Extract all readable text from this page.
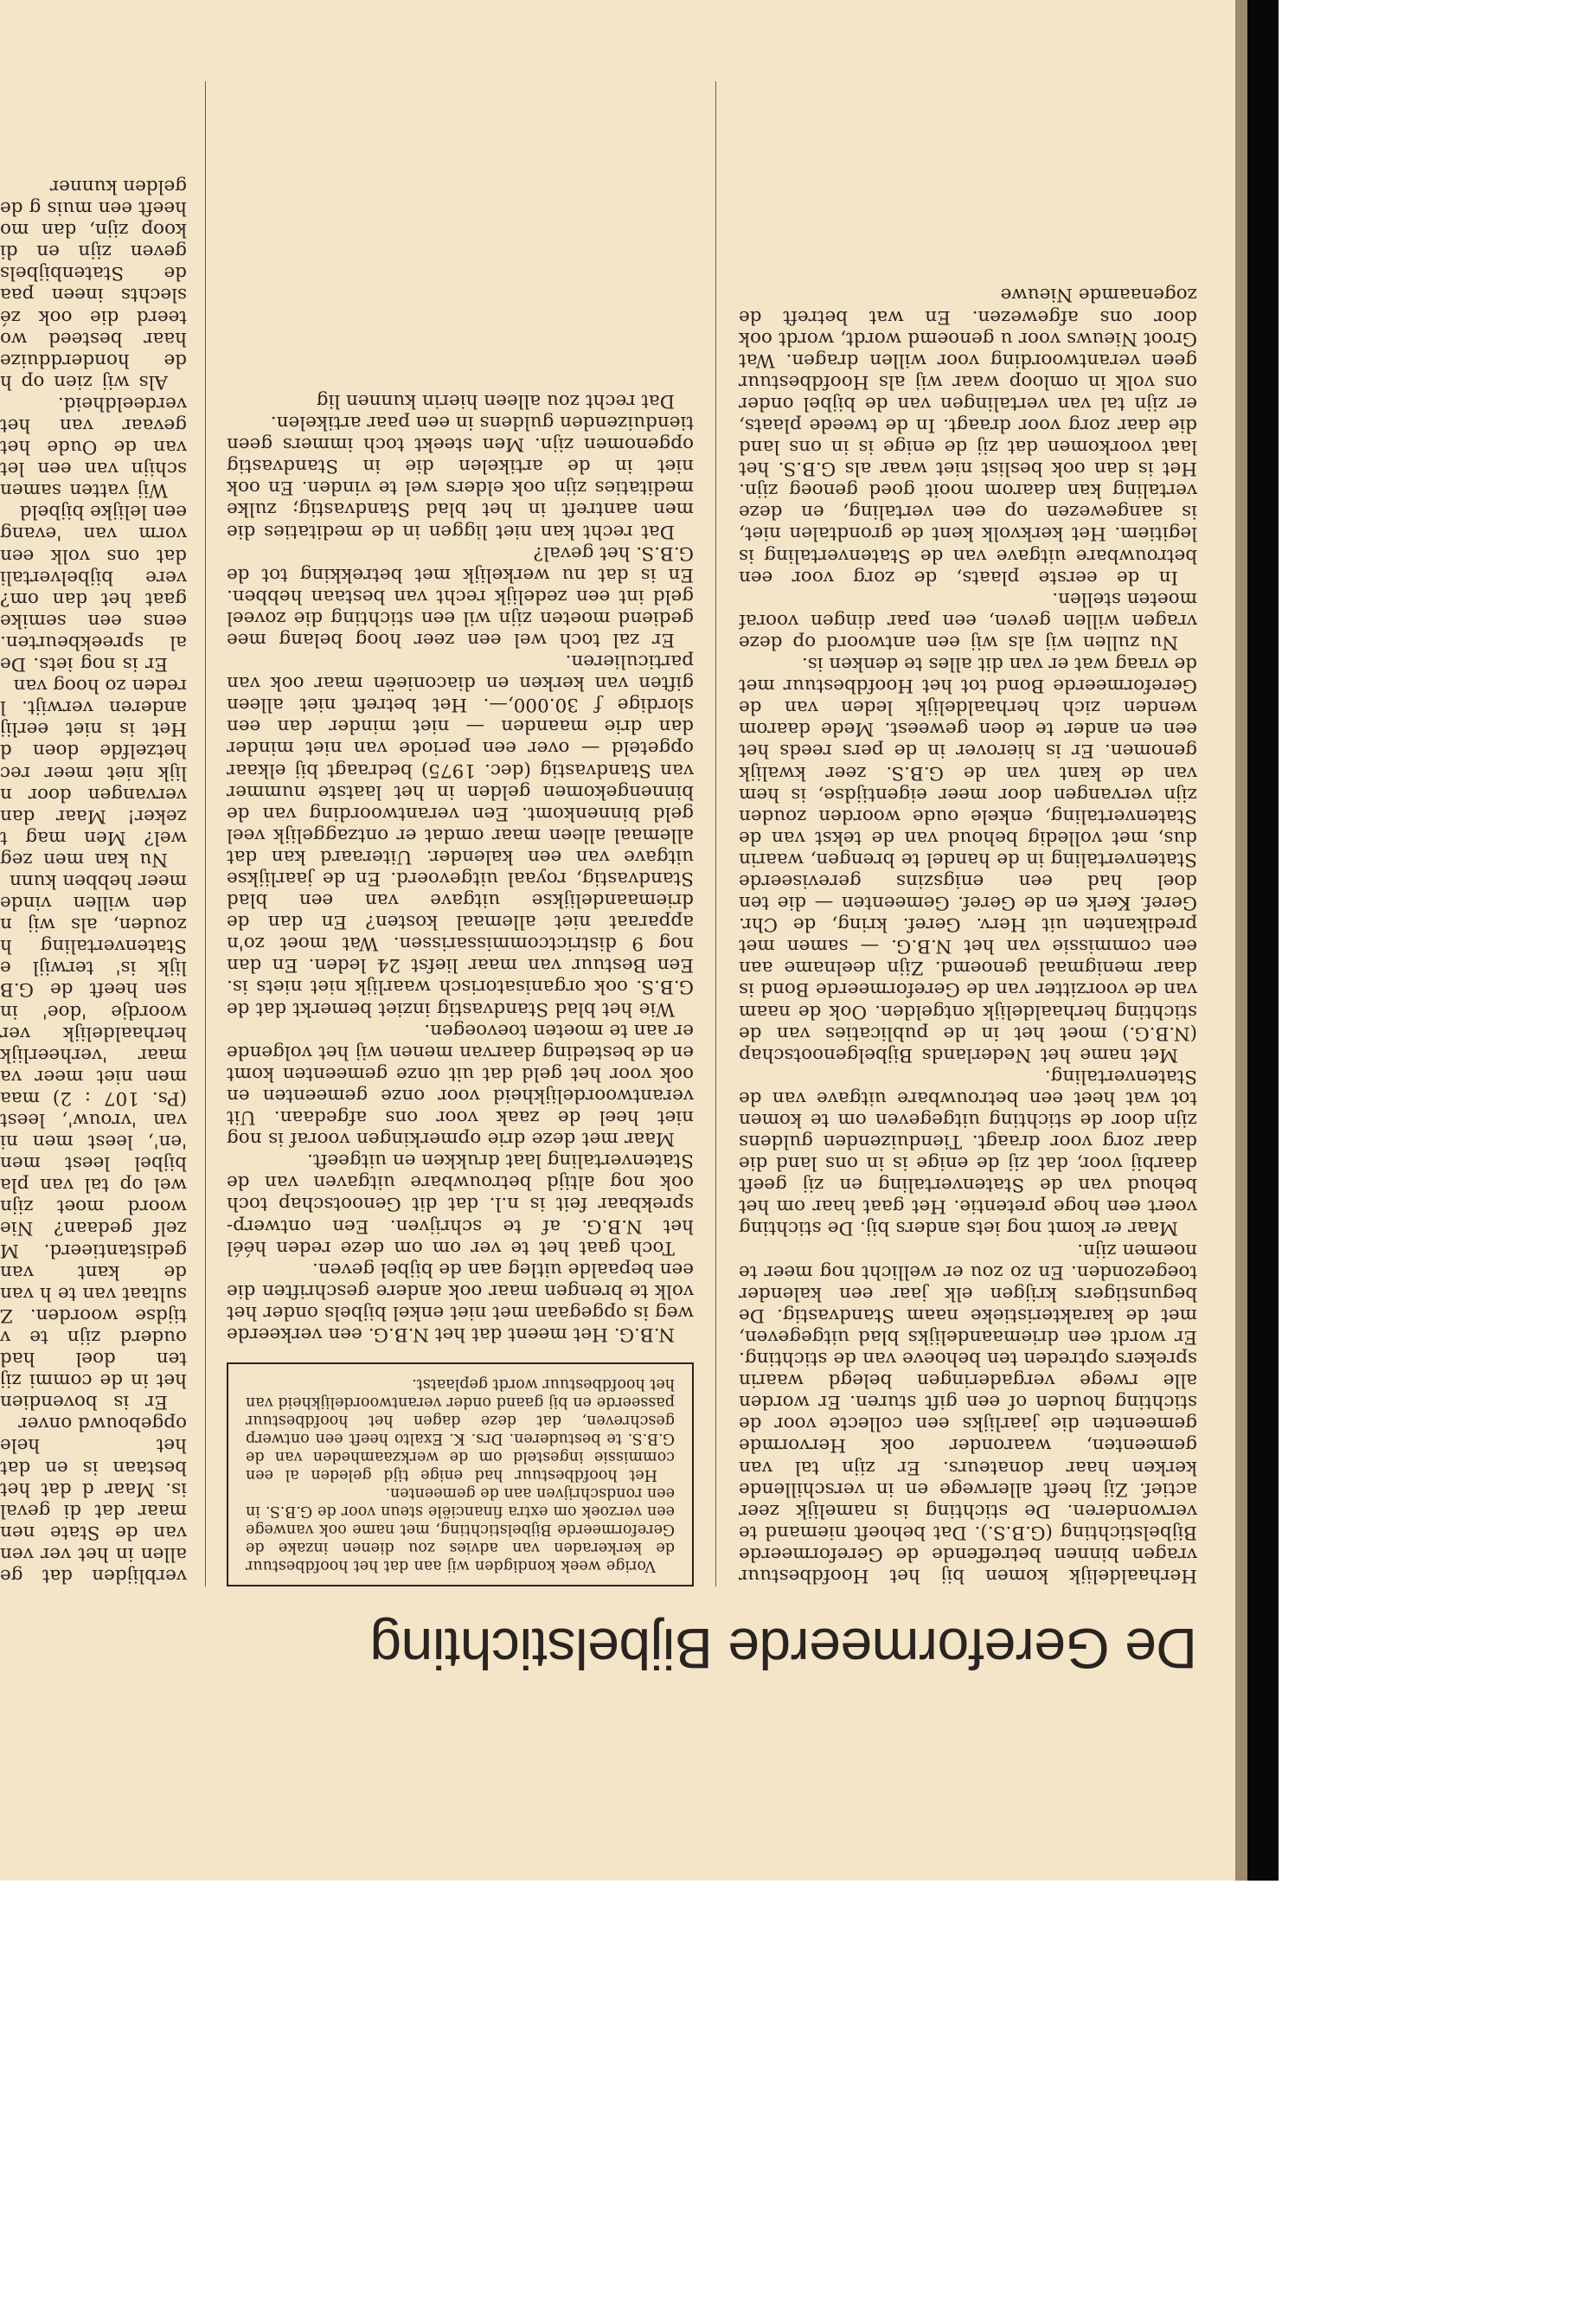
De Gereformeerde Bijbelstichting

Herhaaldelijk komen bij het Hoofdbestuur vragen binnen betreffende de Gereformeerde Bijbelstichting (G.B.S.). Dat behoeft niemand te verwonderen. De stichting is namelijk zeer actief. Zij heeft allerwege en in verschillende kerken haar donateurs. Er zijn tal van gemeenten, waaronder ook Hervormde gemeenten die jaarlijks een collecte voor de stichting houden of een gift sturen. Er worden alle rwege vergaderingen belegd waarin sprekers optreden ten behoeve van de stichting. Er wordt een driemaandelijks blad uitgegeven, met de karakteristieke naam Standvastig. De begunstigers krijgen elk jaar een kalender toegezonden. En zo zou er wellicht nog meer te noemen zijn.

Maar er komt nog iets anders bij. De stichting voert een hoge pretentie. Het gaat haar om het behoud van de Statenvertaling en zij geeft daarbij voor, dat zij de enige is in ons land die daar zorg voor draagt. Tienduizenden guldens zijn door de stichting uitgegeven om te komen tot wat heet een betrouwbare uitgave van de Statenvertaling.

Met name het Nederlands Bijbelgenootschap (N.B.G.) moet het in de publicaties van de stichting herhaaldelijk ontgelden. Ook de naam van de voorzitter van de Gereformeerde Bond is daar menigmaal genoemd. Zijn deelname aan een commissie van het N.B.G. — samen met predikanten uit Herv. Geref. kring, de Chr. Geref. Kerk en de Geref. Gemeenten — die ten doel had een enigszins gereviseerde Statenvertaling in de handel te brengen, waarin dus, met volledig behoud van de tekst van de Statenvertaling, enkele oude woorden zouden zijn vervangen door meer eigentijdse, is hem van de kant van de G.B.S. zeer kwalijk genomen. Er is hierover in de pers reeds het een en ander te doen geweest. Mede daarom wenden zich herhaaldelijk leden van de Gereformeerde Bond tot het Hoofdbestuur met de vraag wat er van dit alles te denken is.

Nu zullen wij als wij een antwoord op deze vragen willen geven, een paar dingen vooraf moeten stellen.

In de eerste plaats, de zorg voor een betrouwbare uitgave van de Statenvertaling is legitiem. Het kerkvolk kent de grondtalen niet, is aangewezen op een vertaling, en deze vertaling kan daarom nooit goed genoeg zijn. Het is dan ook beslist niet waar als G.B.S. het laat voorkomen dat zij de enige is in ons land die daar zorg voor draagt. In de tweede plaats, er zijn tal van vertalingen van de bijbel onder ons volk in omloop waar wij als Hoofdbestuur geen verantwoording voor willen dragen. Wat Groot Nieuws voor u genoemd wordt, wordt ook door ons afgewezen. En wat betreft de zogenaamde Nieuwe

Vorige week kondigden wij aan dat het hoofdbestuur de kerkeraden van advies zou dienen inzake de Gereformeerde Bijbelstichting, met name ook vanwege een verzoek om extra financiële steun voor de G.B.S. in een rondschrijven aan de gemeenten.

Het hoofdbestuur had enige tijd geleden al een commissie ingesteld om de werkzaamheden van de G.B.S. te bestuderen. Drs. K. Exalto heeft een ontwerp geschreven, dat deze dagen het hoofdbestuur passeerde en bij gaand onder verantwoordelijkheid van het hoofdbestuur wordt geplaatst.

N.B.G. Het meent dat het N.B.G. een verkeerde weg is opgegaan met niet enkel bijbels onder het volk te brengen maar ook andere geschriften die een bepaalde uitleg aan de bijbel geven.

Toch gaat het te ver om om deze reden héél het N.B.G. af te schrijven. Een ontwerp-sprekbaar feit is n.l. dat dit Genootschap toch ook nog altijd betrouwbare uitgaven van de Statenvertaling laat drukken en uitgeeft.

Maar met deze drie opmerkingen vooraf is nog niet heel de zaak voor ons afgedaan. Uit verantwoordelijkheid voor onze gemeenten en ook voor het geld dat uit onze gemeenten komt en de besteding daarvan menen wij het volgende er aan te moeten toevoegen.

Wie het blad Standvastig inziet bemerkt dat de G.B.S. ook organisatorisch waarlijk niet niets is. Een Bestuur van maar liefst 24 leden. En dan nog 9 districtcommissarissen. Wat moet zo'n apparaat niet allemaal kosten? En dan de driemaandelijkse uitgave van een blad Standvastig, royaal uitgevoerd. En de jaarlijkse uitgave van een kalender. Uiteraard kan dat allemaal alleen maar omdat er ontzaggelijk veel geld binnenkomt. Een verantwoording van de binnengekomen gelden in het laatste nummer van Standvastig (dec. 1975) bedraagt bij elkaar opgeteld — over een periode van niet minder dan drie maanden — niet minder dan een slordige ƒ 30.000,—. Het betreft niet alleen giften van kerken en diaconieën maar ook van particulieren.

Er zal toch wel een zeer hoog belang mee gediend moeten zijn wil een stichting die zoveel geld int een zedelijk recht van bestaan hebben. En is dat nu werkelijk met betrekking tot de G.B.S. het geval?

Dat recht kan niet liggen in de meditaties die men aantreft in het blad Standvastig; zulke meditaties zijn ook elders wel te vinden. En ook niet in de artikelen die in Standvastig opgenomen zijn. Men steekt toch immers geen tienduizenden guldens in een paar artikelen.

Dat recht zou alleen hierin kunnen lig

verblijden dat ge allen in het ver ven van de State nen maar dat di geval is. Maar d dat het bestaan is en dat het hele opgebouwd onver

Er is bovendien het in de commi zij ten doel had ouderd zijn te v tijdse woorden. Z sultaat van te h van de kant van gedistantieerd. M zelf gedaan? Nie woord moet zijn wel op tal van pla bijbel leest men 'en', leest men ni van 'vrouw', leest (Ps. 107 : 2) maa men niet meer va maar 'verheerlijk herhaaldelijk ver woordje 'doe' in sen heeft de G.B lijk is' terwijl e Statenvertaling h zouden, als wij n den willen vinde meer hebben kunn

Nu kan men zeg wel? Men mag t zeker! Maar dan vervangen door n lijk niet meer rec hetzelfde doen d Het is niet eerlij anderen verwijt. l reden zo hoog van

Er is nog iets. De al spreekbeurten. eens een semike gaat het dan om? vere bijbelvertali dat ons volk een vorm van 'evang een lelijke bijbeld

Wij vatten samen schijn van een let van de Oude het gevaar van het verdeeldheid.

Als wij zien op h de honderdduize haar besteed wo teerd die ook zé slechts ineen paa de Statenbijbels geven zijn en di koop zijn, dan mo heeft een muis g de gelden kunner
